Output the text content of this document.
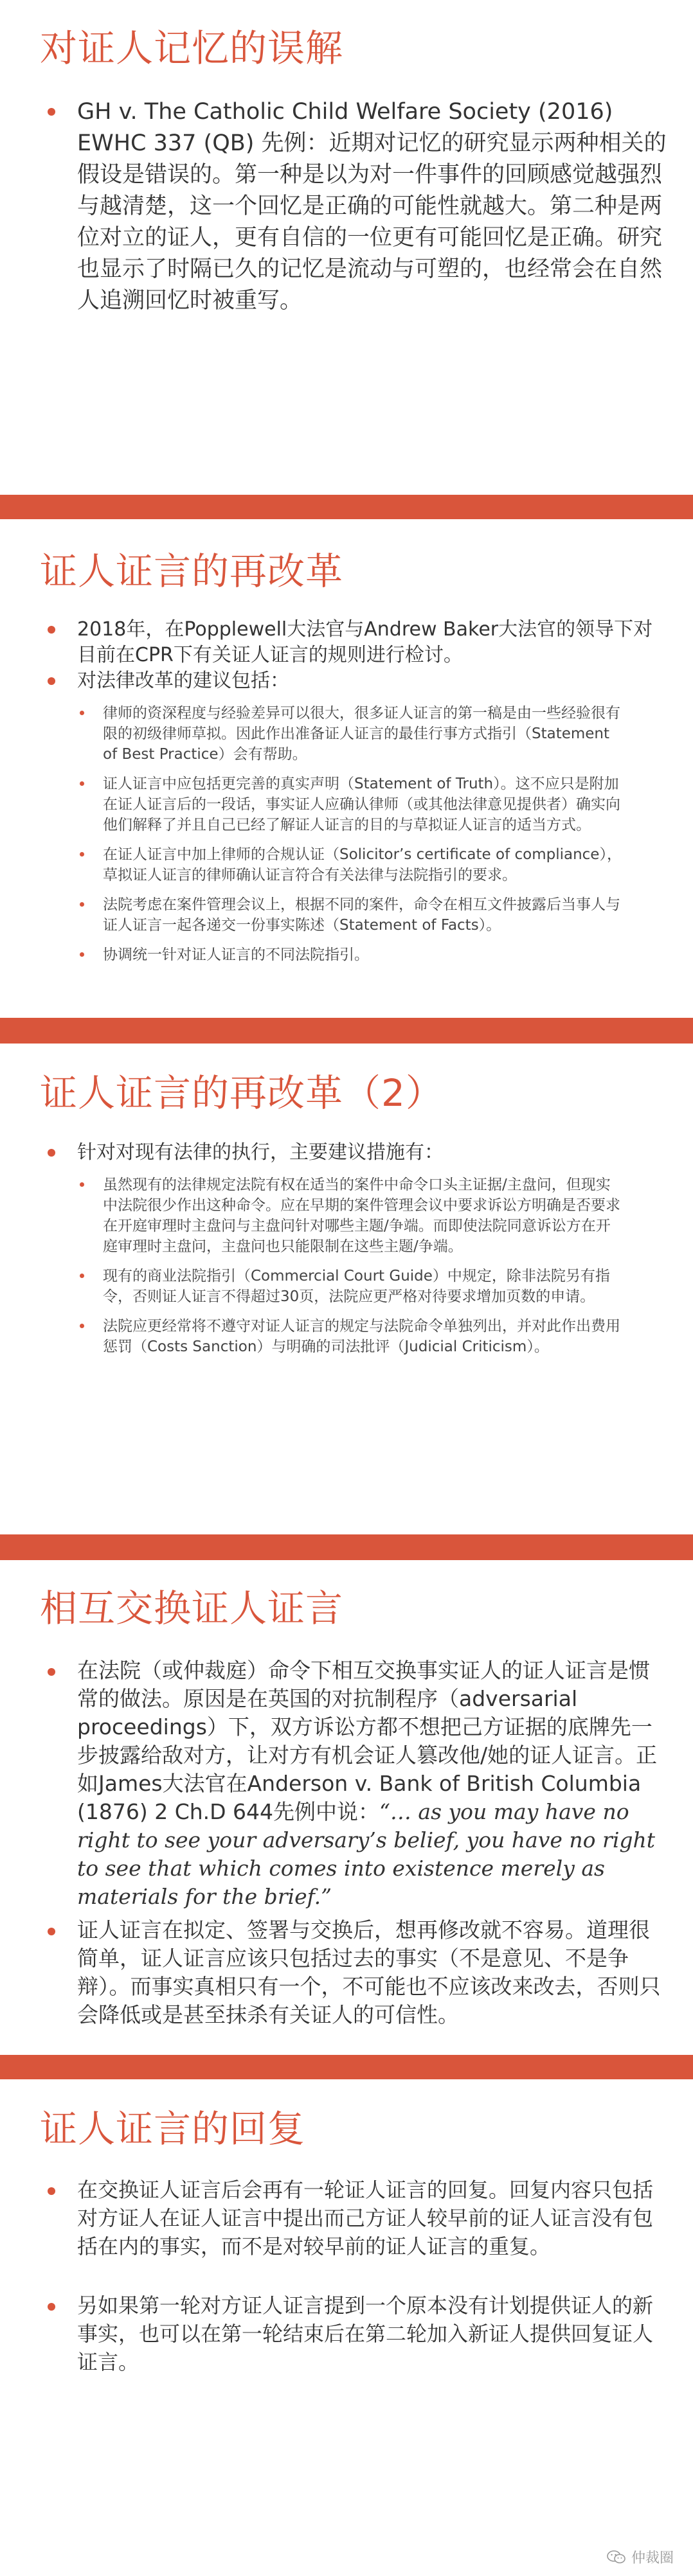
对证人记忆的误解
GH v. The Catholic Child Welfare Society (2016) EWHC 337 (QB) 先例：近期对记忆的研究显示两种相关的假设是错误的。第一种是以为对一件事件的回顾感觉越强烈与越清楚，这一个回忆是正确的可能性就越大。第二种是两位对立的证人，更有自信的一位更有可能回忆是正确。研究也显示了时隔已久的记忆是流动与可塑的，也经常会在自然人追溯回忆时被重写。
证人证言的再改革
2018年，在Popplewell大法官与Andrew Baker大法官的领导下对目前在CPR下有关证人证言的规则进行检讨。
对法律改革的建议包括：
律师的资深程度与经验差异可以很大，很多证人证言的第一稿是由一些经验很有限的初级律师草拟。因此作出准备证人证言的最佳行事方式指引（Statement of Best Practice）会有帮助。
证人证言中应包括更完善的真实声明（Statement of Truth）。这不应只是附加在证人证言后的一段话，事实证人应确认律师（或其他法律意见提供者）确实向他们解释了并且自己已经了解证人证言的目的与草拟证人证言的适当方式。
在证人证言中加上律师的合规认证（Solicitor’s certificate of compliance），草拟证人证言的律师确认证言符合有关法律与法院指引的要求。
法院考虑在案件管理会议上，根据不同的案件，命令在相互文件披露后当事人与证人证言一起各递交一份事实陈述（Statement of Facts）。
协调统一针对证人证言的不同法院指引。
证人证言的再改革（2）
针对对现有法律的执行，主要建议措施有：
虽然现有的法律规定法院有权在适当的案件中命令口头主证据/主盘问，但现实中法院很少作出这种命令。应在早期的案件管理会议中要求诉讼方明确是否要求在开庭审理时主盘问与主盘问针对哪些主题/争端。而即使法院同意诉讼方在开庭审理时主盘问，主盘问也只能限制在这些主题/争端。
现有的商业法院指引（Commercial Court Guide）中规定，除非法院另有指令，否则证人证言不得超过30页，法院应更严格对待要求增加页数的申请。
法院应更经常将不遵守对证人证言的规定与法院命令单独列出，并对此作出费用惩罚（Costs Sanction）与明确的司法批评（Judicial Criticism）。
相互交换证人证言
在法院（或仲裁庭）命令下相互交换事实证人的证人证言是惯常的做法。原因是在英国的对抗制程序（adversarial proceedings）下，双方诉讼方都不想把己方证据的底牌先一步披露给敌对方，让对方有机会证人篡改他/她的证人证言。正如James大法官在Anderson v. Bank of British Columbia (1876) 2 Ch.D 644先例中说：“… as you may have no right to see your adversary’s belief, you have no right to see that which comes into existence merely as materials for the brief.”
证人证言在拟定、签署与交换后，想再修改就不容易。道理很简单，证人证言应该只包括过去的事实（不是意见、不是争辩）。而事实真相只有一个，不可能也不应该改来改去，否则只会降低或是甚至抹杀有关证人的可信性。
证人证言的回复
在交换证人证言后会再有一轮证人证言的回复。回复内容只包括对方证人在证人证言中提出而己方证人较早前的证人证言没有包括在内的事实，而不是对较早前的证人证言的重复。
另如果第一轮对方证人证言提到一个原本没有计划提供证人的新事实，也可以在第一轮结束后在第二轮加入新证人提供回复证人证言。
仲裁圈
